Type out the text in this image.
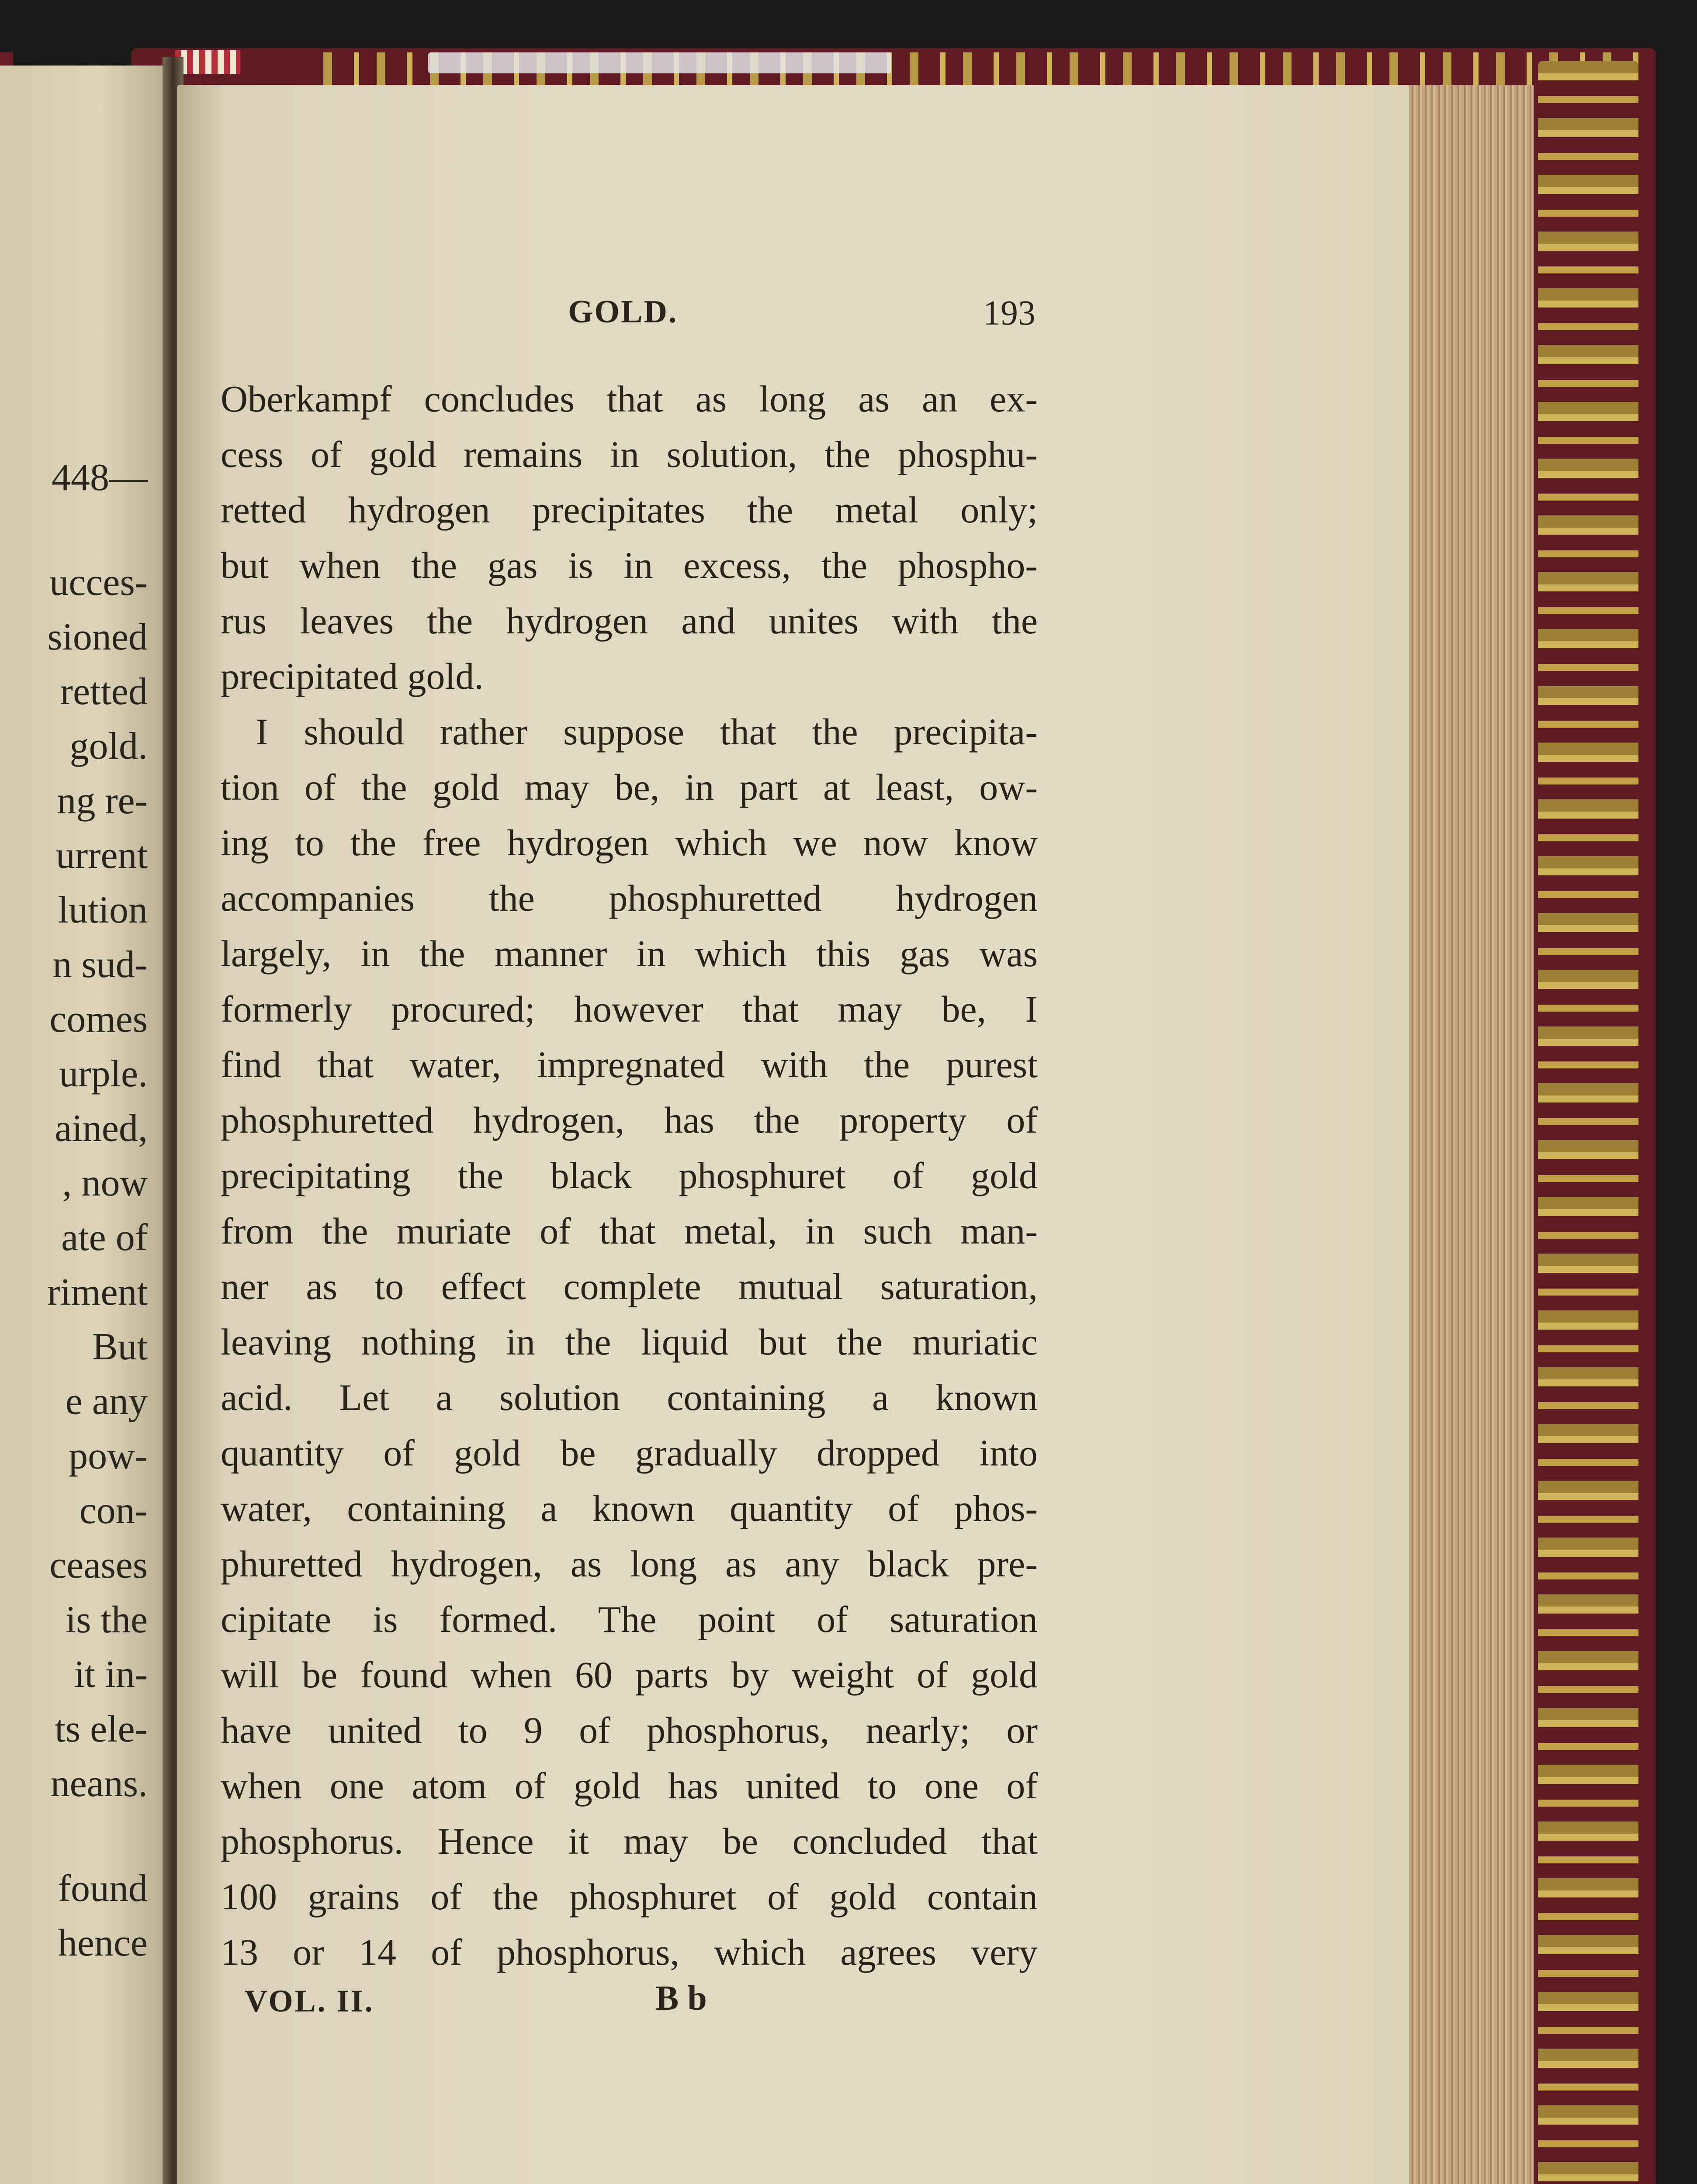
448—
ucces-
sioned
retted
gold.
ng re-
urrent
lution
n sud-
comes
urple.
ained,
, now
ate of
riment
But
e any
pow-
con-
ceases
is the
it in-
ts ele-
neans.
found
hence
GOLD.	193
Oberkampf concludes that as long as an ex-
cess of gold remains in solution, the phosphu-
retted hydrogen precipitates the metal only;
but when the gas is in excess, the phospho-
rus leaves the hydrogen and unites with the
precipitated gold.
I should rather suppose that the precipita-
tion of the gold may be, in part at least, ow-
ing to the free hydrogen which we now know
accompanies the phosphuretted hydrogen
largely, in the manner in which this gas was
formerly procured; however that may be, I
find that water, impregnated with the purest
phosphuretted hydrogen, has the property of
precipitating the black phosphuret of gold
from the muriate of that metal, in such man-
ner as to effect complete mutual saturation,
leaving nothing in the liquid but the muriatic
acid. Let a solution containing a known
quantity of gold be gradually dropped into
water, containing a known quantity of phos-
phuretted hydrogen, as long as any black pre-
cipitate is formed. The point of saturation
will be found when 60 parts by weight of gold
have united to 9 of phosphorus, nearly; or
when one atom of gold has united to one of
phosphorus. Hence it may be concluded that
100 grains of the phosphuret of gold contain
13 or 14 of phosphorus, which agrees very
VOL. II.	B b
